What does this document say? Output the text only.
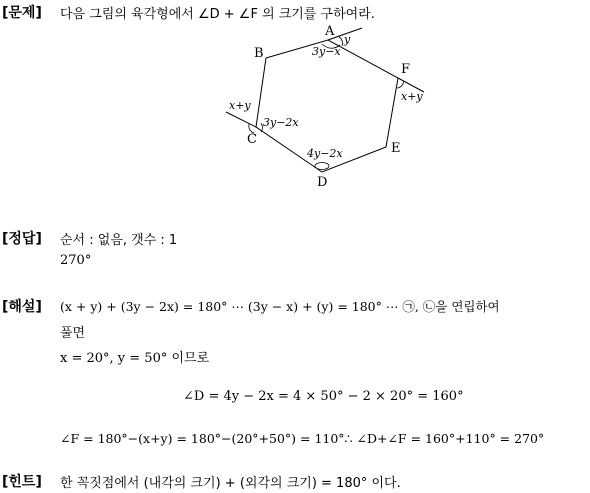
[문제] 다음 그림의 육각형에서 ∠D + ∠F 의 크기를 구하여라.
A
B
C
D
E
F
y
3y−x
x+y
x+y
3y−2x
4y−2x
[정답] 순서 : 없음, 갯수 : 1
270°
[해설] (x + y) + (3y − 2x) = 180° ⋯ (3y − x) + (y) = 180° ⋯ ㉠, ㉡을 연립하여
풀면
x = 20°, y = 50° 이므로
∠D = 4y − 2x = 4 × 50° − 2 × 20° = 160°
∠F = 180°−(x+y) = 180°−(20°+50°) = 110°∴ ∠D+∠F = 160°+110° = 270°
[힌트] 한 꼭짓점에서 (내각의 크기) + (외각의 크기) = 180° 이다.
